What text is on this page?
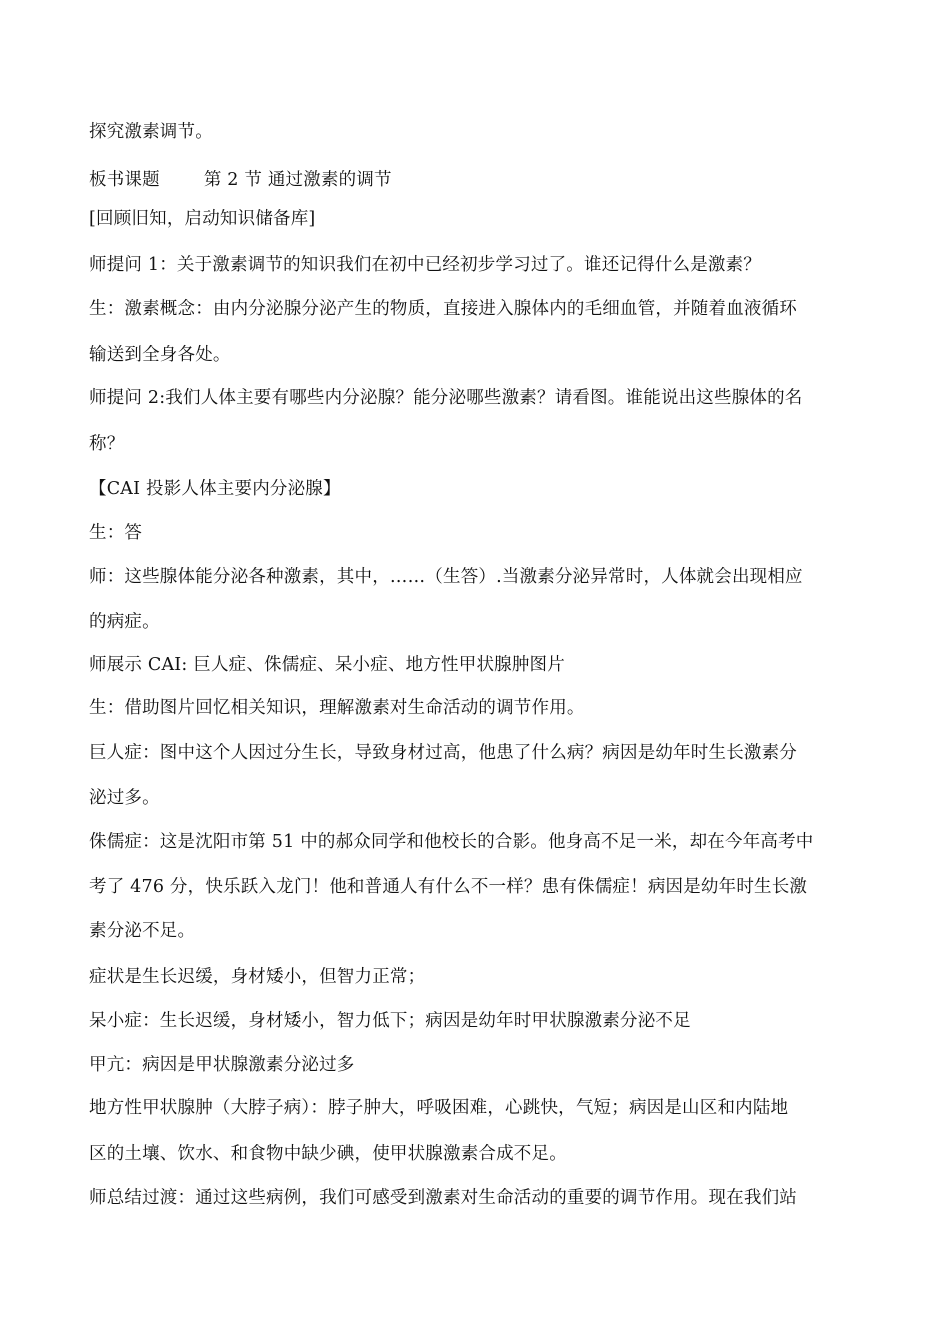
探究激素调节。
板书课题	第 2 节 通过激素的调节
[回顾旧知，启动知识储备库]
师提问 1：关于激素调节的知识我们在初中已经初步学习过了。谁还记得什么是激素？
生：激素概念：由内分泌腺分泌产生的物质，直接进入腺体内的毛细血管，并随着血液循环
输送到全身各处。
师提问 2:我们人体主要有哪些内分泌腺？能分泌哪些激素？请看图。谁能说出这些腺体的名
称？
【CAI 投影人体主要内分泌腺】
生：答
师：这些腺体能分泌各种激素，其中，……（生答）.当激素分泌异常时，人体就会出现相应
的病症。
师展示 CAI: 巨人症、侏儒症、呆小症、地方性甲状腺肿图片
生：借助图片回忆相关知识，理解激素对生命活动的调节作用。
巨人症：图中这个人因过分生长，导致身材过高，他患了什么病？病因是幼年时生长激素分
泌过多。
侏儒症：这是沈阳市第 51 中的郝众同学和他校长的合影。他身高不足一米，却在今年高考中
考了 476 分，快乐跃入龙门！他和普通人有什么不一样？患有侏儒症！病因是幼年时生长激
素分泌不足。
症状是生长迟缓，身材矮小，但智力正常；
呆小症：生长迟缓，身材矮小，智力低下；病因是幼年时甲状腺激素分泌不足
甲亢：病因是甲状腺激素分泌过多
地方性甲状腺肿（大脖子病）：脖子肿大，呼吸困难，心跳快，气短；病因是山区和内陆地
区的土壤、饮水、和食物中缺少碘，使甲状腺激素合成不足。
师总结过渡：通过这些病例，我们可感受到激素对生命活动的重要的调节作用。现在我们站
